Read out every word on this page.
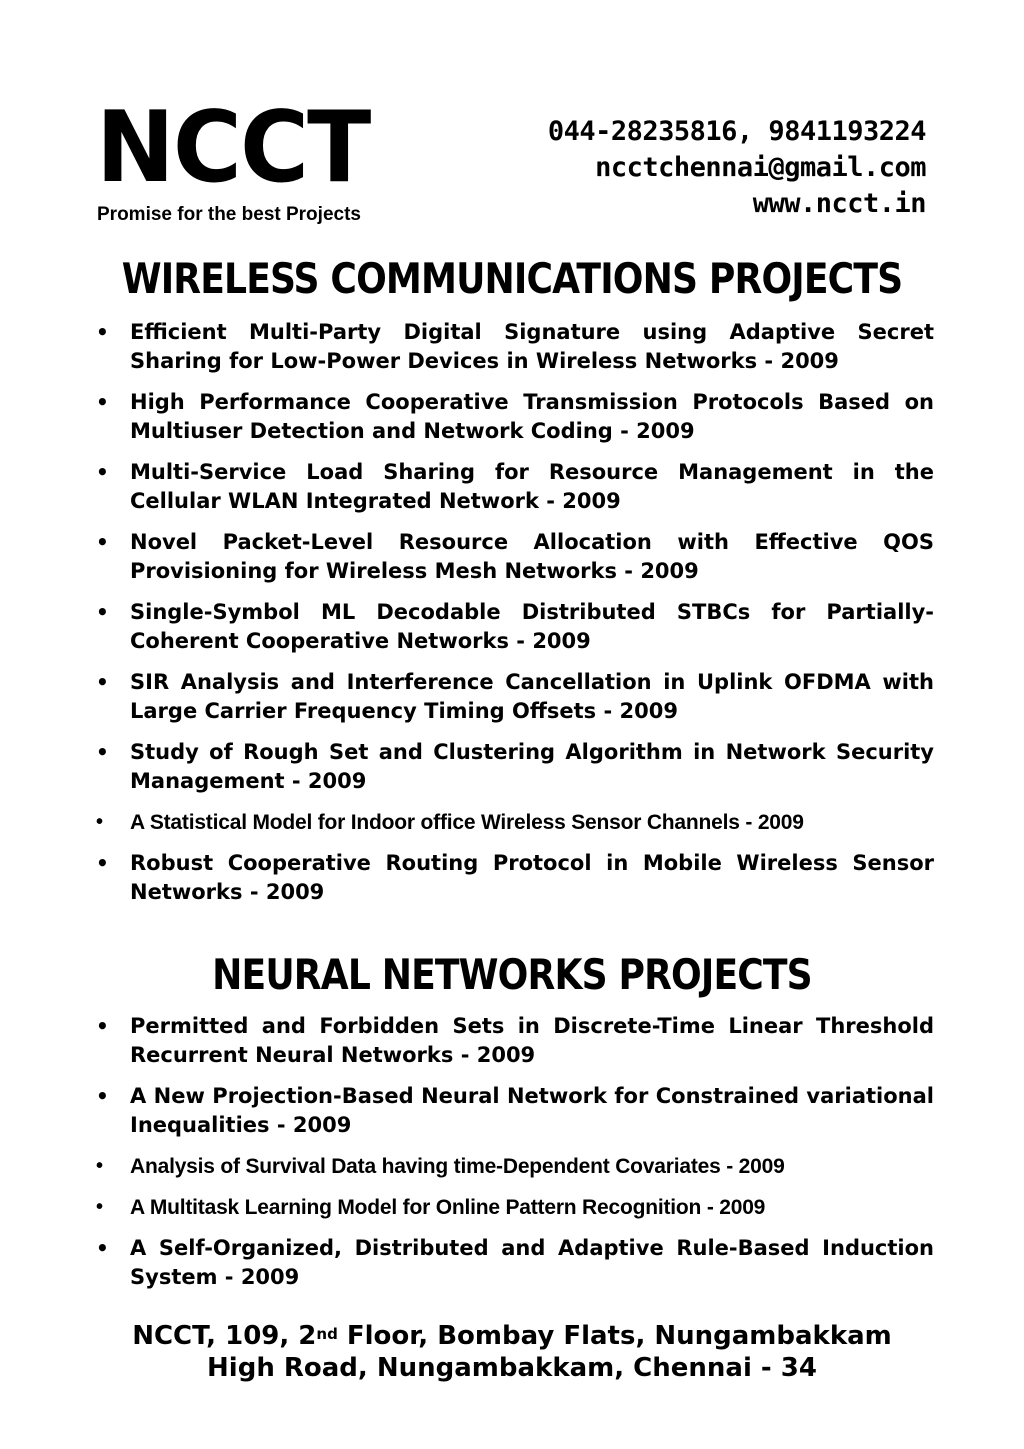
NCCT
Promise for the best Projects
044-28235816, 9841193224
ncctchennai@gmail.com
www.ncct.in
WIRELESS COMMUNICATIONS PROJECTS
•	Efficient Multi-Party Digital Signature using Adaptive Secret Sharing for Low-Power Devices in Wireless Networks - 2009
•	High Performance Cooperative Transmission Protocols Based on Multiuser Detection and Network Coding - 2009
•	Multi-Service Load Sharing for Resource Management in the Cellular WLAN Integrated Network - 2009
•	Novel Packet-Level Resource Allocation with Effective QOS Provisioning for Wireless Mesh Networks - 2009
•	Single-Symbol ML Decodable Distributed STBCs for Partially-Coherent Cooperative Networks - 2009
•	SIR Analysis and Interference Cancellation in Uplink OFDMA with Large Carrier Frequency Timing Offsets - 2009
•	Study of Rough Set and Clustering Algorithm in Network Security Management - 2009
•	A Statistical Model for Indoor office Wireless Sensor Channels - 2009
•	Robust Cooperative Routing Protocol in Mobile Wireless Sensor Networks - 2009
NEURAL NETWORKS PROJECTS
•	Permitted and Forbidden Sets in Discrete-Time Linear Threshold Recurrent Neural Networks - 2009
•	A New Projection-Based Neural Network for Constrained variational Inequalities - 2009
•	Analysis of Survival Data having time-Dependent Covariates - 2009
•	A Multitask Learning Model for Online Pattern Recognition - 2009
•	A Self-Organized, Distributed and Adaptive Rule-Based Induction System - 2009
NCCT, 109, 2nd Floor, Bombay Flats, Nungambakkam
High Road, Nungambakkam, Chennai - 34
